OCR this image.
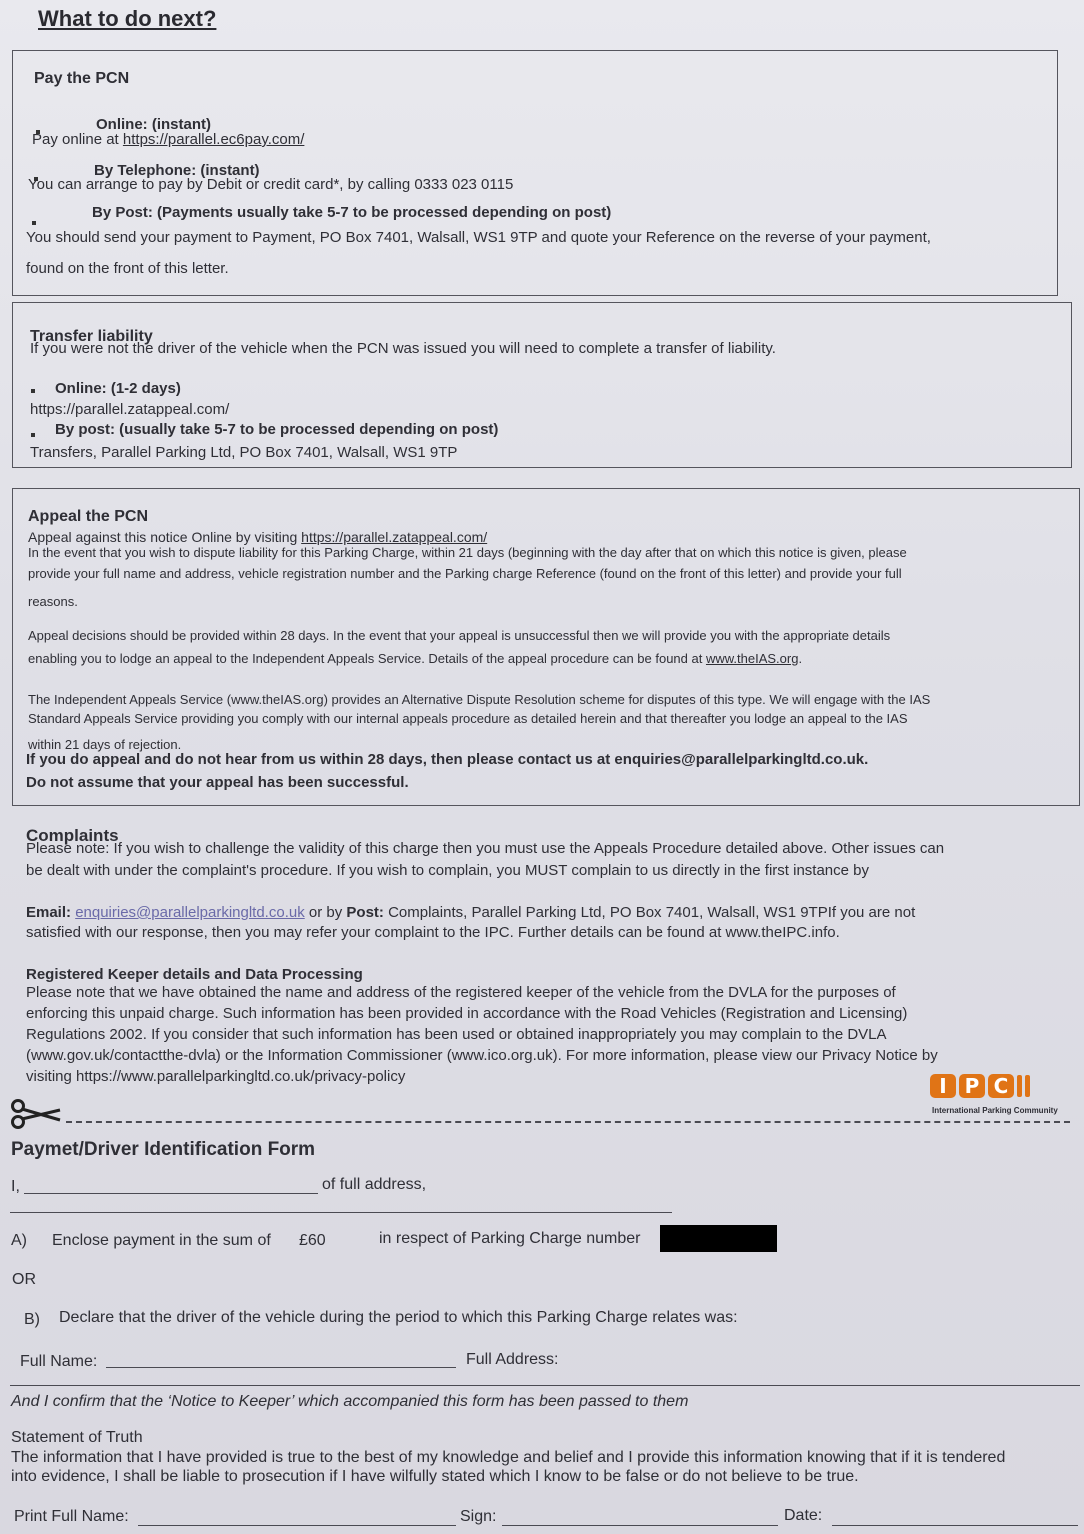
What to do next?
Pay the PCN
Online: (instant)
Pay online at https://parallel.ec6pay.com/
By Telephone: (instant)
You can arrange to pay by Debit or credit card*, by calling 0333 023 0115
By Post: (Payments usually take 5-7 to be processed depending on post)
You should send your payment to Payment, PO Box 7401, Walsall, WS1 9TP and quote your Reference on the reverse of your payment,
found on the front of this letter.
Transfer liability
If you were not the driver of the vehicle when the PCN was issued you will need to complete a transfer of liability.
Online: (1-2 days)
https://parallel.zatappeal.com/
By post: (usually take 5-7 to be processed depending on post)
Transfers, Parallel Parking Ltd, PO Box 7401, Walsall, WS1 9TP
Appeal the PCN
Appeal against this notice Online by visiting https://parallel.zatappeal.com/
In the event that you wish to dispute liability for this Parking Charge, within 21 days (beginning with the day after that on which this notice is given, please
provide your full name and address, vehicle registration number and the Parking charge Reference (found on the front of this letter) and provide your full
reasons.
Appeal decisions should be provided within 28 days. In the event that your appeal is unsuccessful then we will provide you with the appropriate details
enabling you to lodge an appeal to the Independent Appeals Service. Details of the appeal procedure can be found at www.theIAS.org.
The Independent Appeals Service (www.theIAS.org) provides an Alternative Dispute Resolution scheme for disputes of this type. We will engage with the IAS
Standard Appeals Service providing you comply with our internal appeals procedure as detailed herein and that thereafter you lodge an appeal to the IAS
within 21 days of rejection.
If you do appeal and do not hear from us within 28 days, then please contact us at enquiries@parallelparkingltd.co.uk.
Do not assume that your appeal has been successful.
Complaints
Please note: If you wish to challenge the validity of this charge then you must use the Appeals Procedure detailed above. Other issues can
be dealt with under the complaint's procedure. If you wish to complain, you MUST complain to us directly in the first instance by
Email: enquiries@parallelparkingltd.co.uk or by Post: Complaints, Parallel Parking Ltd, PO Box 7401, Walsall, WS1 9TPIf you are not
satisfied with our response, then you may refer your complaint to the IPC. Further details can be found at www.theIPC.info.
Registered Keeper details and Data Processing
Please note that we have obtained the name and address of the registered keeper of the vehicle from the DVLA for the purposes of
enforcing this unpaid charge. Such information has been provided in accordance with the Road Vehicles (Registration and Licensing)
Regulations 2002. If you consider that such information has been used or obtained inappropriately you may complain to the DVLA
(www.gov.uk/contactthe-dvla) or the Information Commissioner (www.ico.org.uk). For more information, please view our Privacy Notice by
visiting https://www.parallelparkingltd.co.uk/privacy-policy	I P C
International Parking Community
Paymet/Driver Identification Form
I,	of full address,
A) Enclose payment in the sum of £60	in respect of Parking Charge number
OR
B) Declare that the driver of the vehicle during the period to which this Parking Charge relates was:
Full Name:	Full Address:
And I confirm that the ‘Notice to Keeper’ which accompanied this form has been passed to them
Statement of Truth
The information that I have provided is true to the best of my knowledge and belief and I provide this information knowing that if it is tendered
into evidence, I shall be liable to prosecution if I have wilfully stated which I know to be false or do not believe to be true.
Print Full Name:	Sign:	Date:
